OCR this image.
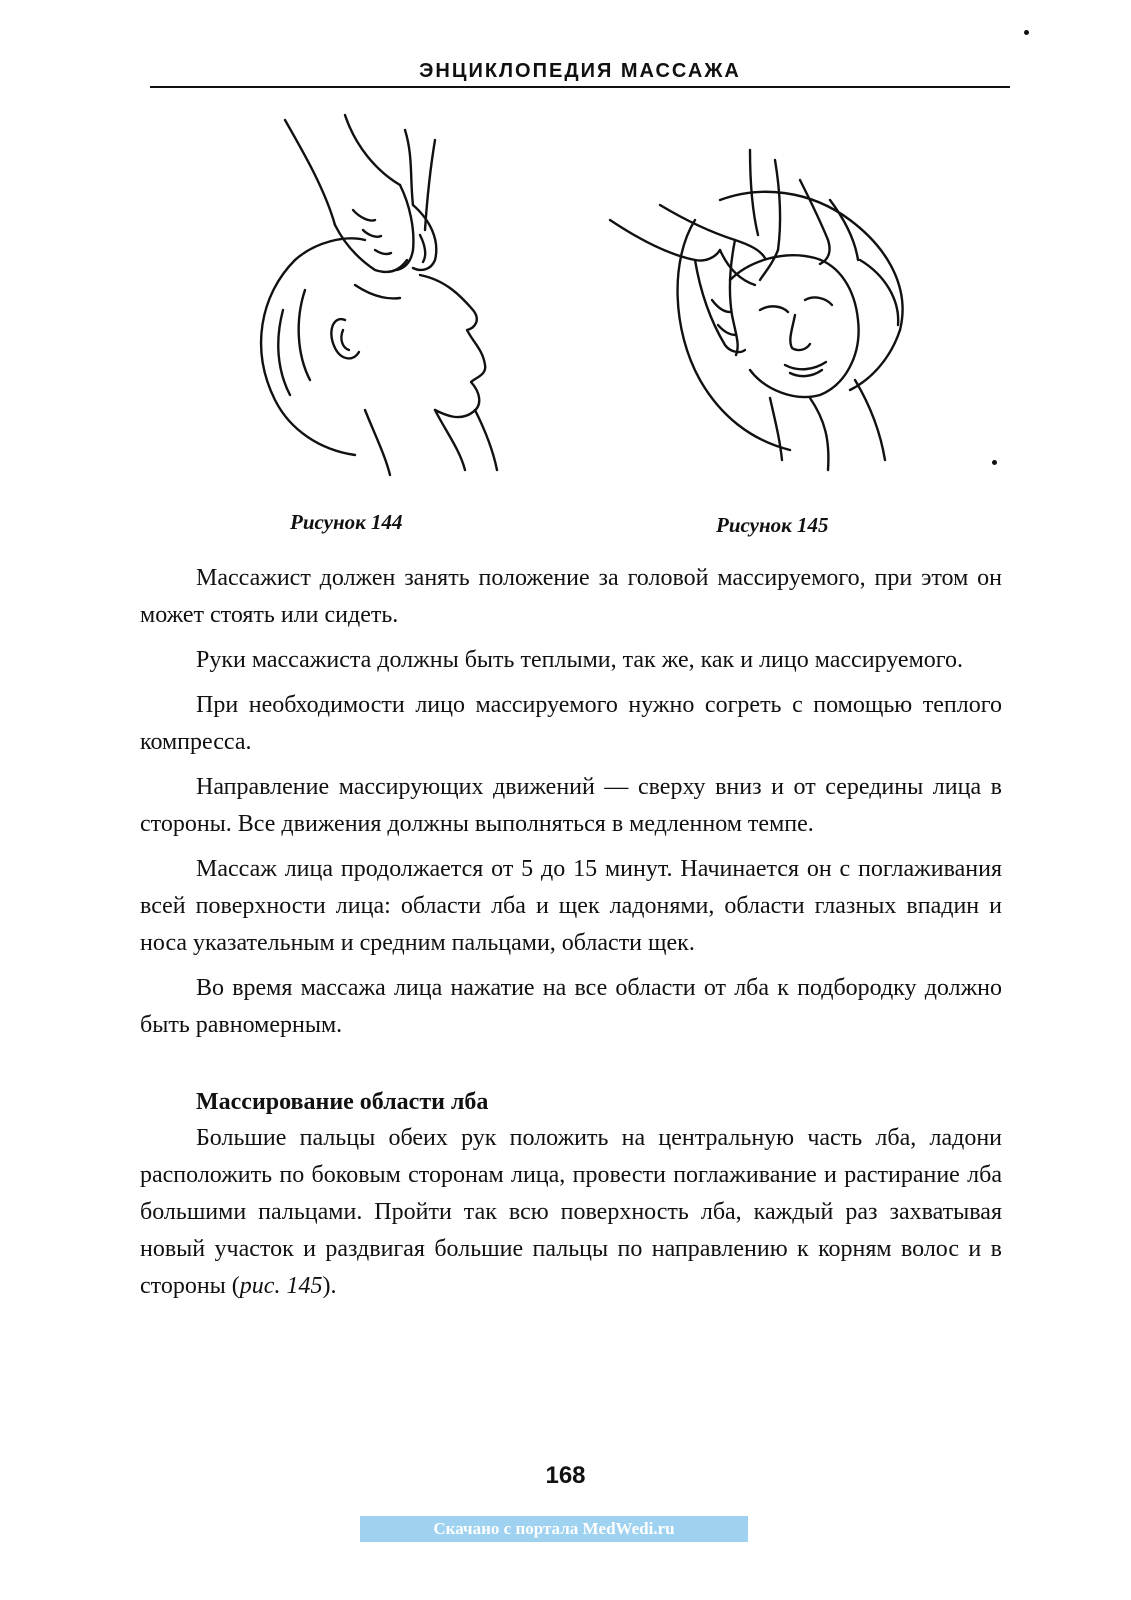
ЭНЦИКЛОПЕДИЯ МАССАЖА
Рисунок 144	Рисунок 145

Массажист должен занять положение за головой массируемого, при этом он может стоять или сидеть.

Руки массажиста должны быть теплыми, так же, как и лицо массируемого.

При необходимости лицо массируемого нужно согреть с помощью теплого компресса.

Направление массирующих движений — сверху вниз и от середины лица в стороны. Все движения должны выполняться в медленном темпе.

Массаж лица продолжается от 5 до 15 минут. Начинается он с поглаживания всей поверхности лица: области лба и щек ладонями, области глазных впадин и носа указательным и средним пальцами, области щек.

Во время массажа лица нажатие на все области от лба к подбородку должно быть равномерным.

Массирование области лба

Большие пальцы обеих рук положить на центральную часть лба, ладони расположить по боковым сторонам лица, провести поглаживание и растирание лба большими пальцами. Пройти так всю поверхность лба, каждый раз захватывая новый участок и раздвигая большие пальцы по направлению к корням волос и в стороны (рис. 145).

168
Скачано с портала MedWedi.ru
